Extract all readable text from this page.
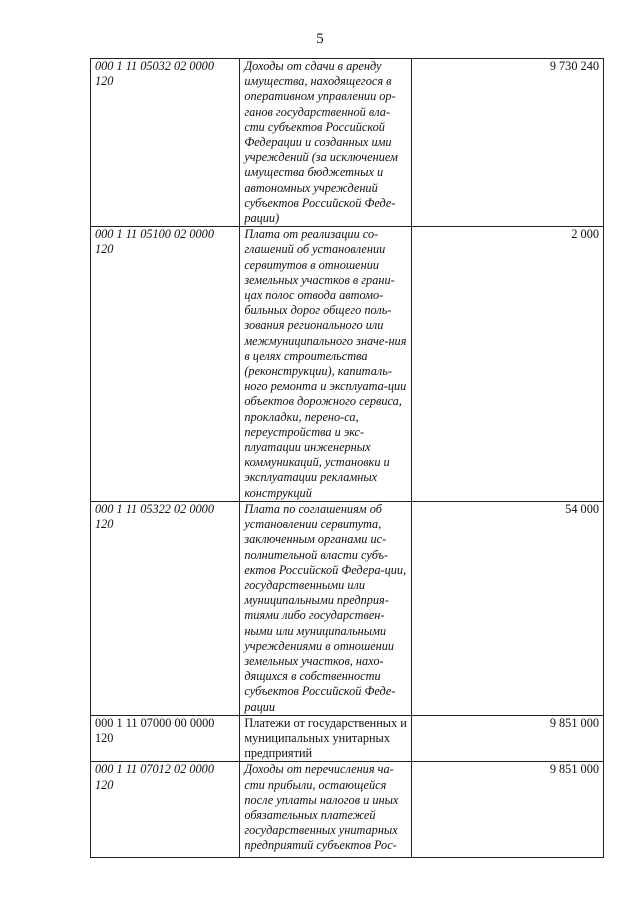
5
000 1 11 05032 02 0000 120	Доходы от сдачи в аренду имущества, находящегося в оперативном управлении ор-ганов государственной вла-сти субъектов Российской Федерации и созданных ими учреждений (за исключением имущества бюджетных и автономных учреждений субъектов Российской Феде-рации)	9 730 240
000 1 11 05100 02 0000 120	Плата от реализации со-глашений об установлении сервитутов в отношении земельных участков в грани-цах полос отвода автомо-бильных дорог общего поль-зования регионального или межмуниципального значе-ния в целях строительства (реконструкции), капиталь-ного ремонта и эксплуата-ции объектов дорожного сервиса, прокладки, перено-са, переустройства и экс-плуатации инженерных коммуникаций, установки и эксплуатации рекламных конструкций	2 000
000 1 11 05322 02 0000 120	Плата по соглашениям об установлении сервитута, заключенным органами ис-полнительной власти субъ-ектов Российской Федера-ции, государственными или муниципальными предприя-тиями либо государствен-ными или муниципальными учреждениями в отношении земельных участков, нахо-дящихся в собственности субъектов Российской Феде-рации	54 000
000 1 11 07000 00 0000 120	Платежи от государственных и муниципальных унитарных предприятий	9 851 000
000 1 11 07012 02 0000 120	Доходы от перечисления ча-сти прибыли, остающейся после уплаты налогов и иных обязательных платежей государственных унитарных предприятий субъектов Рос-	9 851 000
